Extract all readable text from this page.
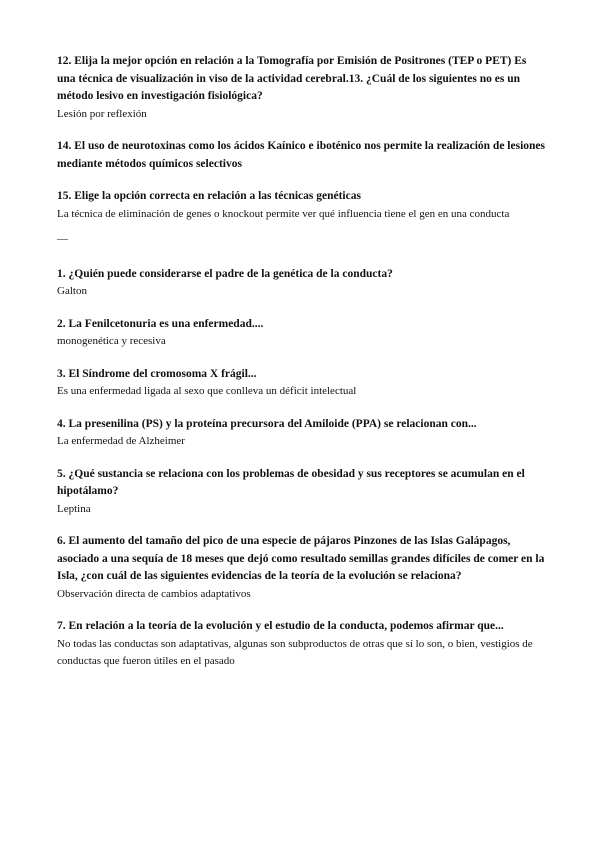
12. Elija la mejor opción en relación a la Tomografía por Emisión de Positrones (TEP o PET) Es una técnica de visualización in viso de la actividad cerebral.13. ¿Cuál de los siguientes no es un método lesivo en investigación fisiológica?

Lesión por reflexión

14. El uso de neurotoxinas como los ácidos Kaínico e iboténico nos permite la realización de lesiones mediante métodos químicos selectivos

15. Elige la opción correcta en relación a las técnicas genéticas

La técnica de eliminación de genes o knockout permite ver qué influencia tiene el gen en una conducta

—

1. ¿Quién puede considerarse el padre de la genética de la conducta?

Galton

2. La Fenilcetonuria es una enfermedad....

monogenética y recesiva

3. El Síndrome del cromosoma X frágil...

Es una enfermedad ligada al sexo que conlleva un déficit intelectual

4. La presenilina (PS) y la proteína precursora del Amiloide (PPA) se relacionan con...

La enfermedad de Alzheimer

5. ¿Qué sustancia se relaciona con los problemas de obesidad y sus receptores se acumulan en el hipotálamo?

Leptina

6. El aumento del tamaño del pico de una especie de pájaros Pinzones de las Islas Galápagos, asociado a una sequía de 18 meses que dejó como resultado semillas grandes difíciles de comer en la Isla, ¿con cuál de las siguientes evidencias de la teoría de la evolución se relaciona?

Observación directa de cambios adaptativos

7. En relación a la teoría de la evolución y el estudio de la conducta, podemos afirmar que...

No todas las conductas son adaptativas, algunas son subproductos de otras que sí lo son, o bien, vestigios de conductas que fueron útiles en el pasado
